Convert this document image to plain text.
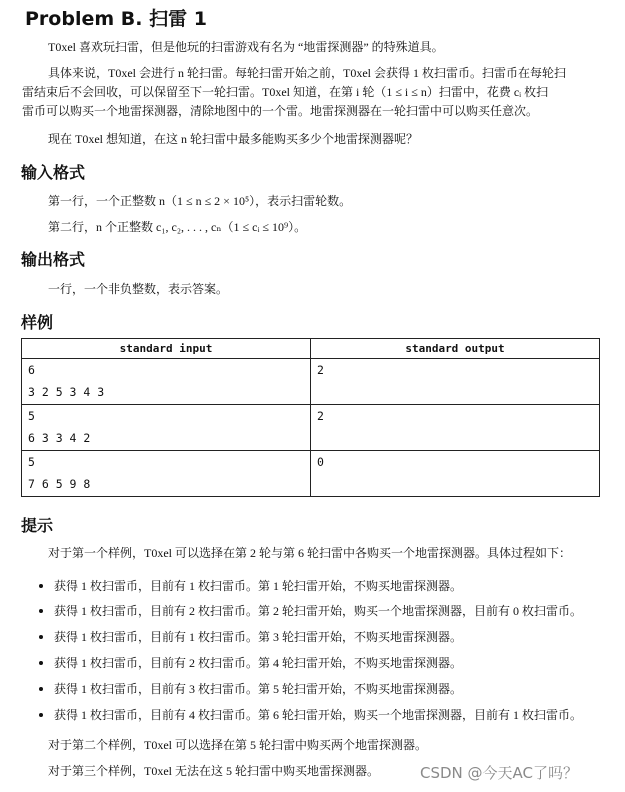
Problem B. 扫雷 1
T0xel 喜欢玩扫雷，但是他玩的扫雷游戏有名为 “地雷探测器” 的特殊道具。
具体来说，T0xel 会进行 n 轮扫雷。每轮扫雷开始之前，T0xel 会获得 1 枚扫雷币。扫雷币在每轮扫
雷结束后不会回收，可以保留至下一轮扫雷。T0xel 知道，在第 i 轮（1 ≤ i ≤ n）扫雷中，花费 cᵢ 枚扫
雷币可以购买一个地雷探测器，清除地图中的一个雷。地雷探测器在一轮扫雷中可以购买任意次。
现在 T0xel 想知道，在这 n 轮扫雷中最多能购买多少个地雷探测器呢？
输入格式
第一行，一个正整数 n（1 ≤ n ≤ 2 × 10⁵），表示扫雷轮数。
第二行，n 个正整数 c₁, c₂, . . . , cₙ（1 ≤ cᵢ ≤ 10⁹）。
输出格式
一行，一个非负整数，表示答案。
样例
standard input	standard output

6
3 2 5 3 4 3	2

5
6 3 3 4 2	2

5
7 6 5 9 8	0
提示
对于第一个样例，T0xel 可以选择在第 2 轮与第 6 轮扫雷中各购买一个地雷探测器。具体过程如下：
获得 1 枚扫雷币，目前有 1 枚扫雷币。第 1 轮扫雷开始，不购买地雷探测器。
获得 1 枚扫雷币，目前有 2 枚扫雷币。第 2 轮扫雷开始，购买一个地雷探测器，目前有 0 枚扫雷币。
获得 1 枚扫雷币，目前有 1 枚扫雷币。第 3 轮扫雷开始，不购买地雷探测器。
获得 1 枚扫雷币，目前有 2 枚扫雷币。第 4 轮扫雷开始，不购买地雷探测器。
获得 1 枚扫雷币，目前有 3 枚扫雷币。第 5 轮扫雷开始，不购买地雷探测器。
获得 1 枚扫雷币，目前有 4 枚扫雷币。第 6 轮扫雷开始，购买一个地雷探测器，目前有 1 枚扫雷币。
对于第二个样例，T0xel 可以选择在第 5 轮扫雷中购买两个地雷探测器。
对于第三个样例，T0xel 无法在这 5 轮扫雷中购买地雷探测器。	CSDN @今天AC了吗？
